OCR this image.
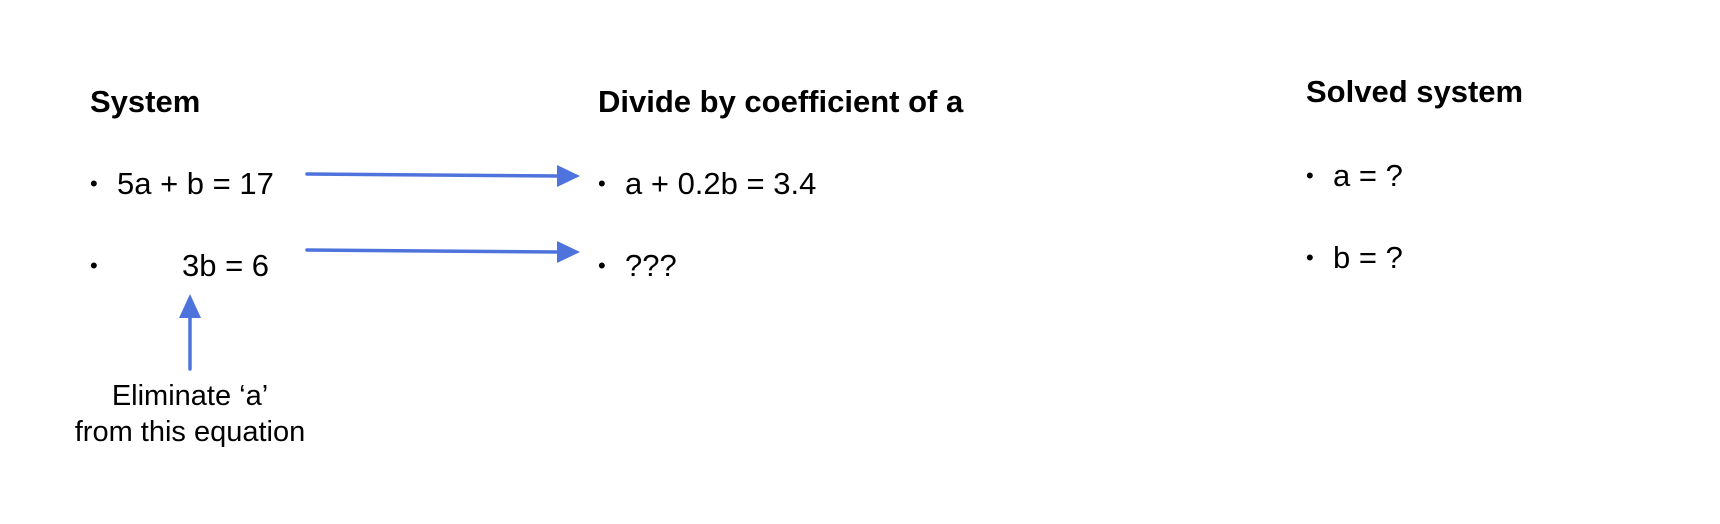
System
• 5a + b = 17
•	3b = 6
Divide by coefficient of a
• a + 0.2b = 3.4
• ???
Solved system
• a = ?
• b = ?
Eliminate ‘a’
from this equation
